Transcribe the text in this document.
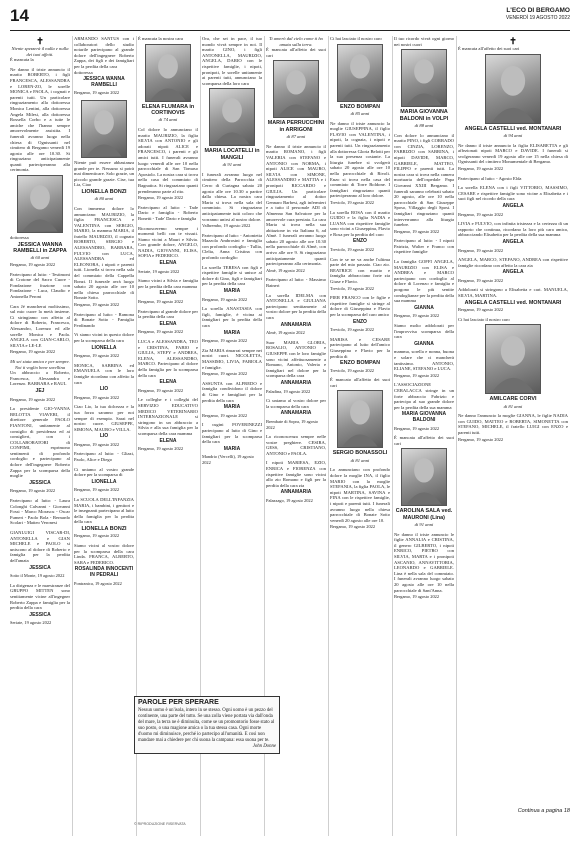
14	L'ECO DI BERGAMO
VENERDÌ 19 AGOSTO 2022
✝
Niente spezzerà il nulla e nulla dei tuoi affetti.
È mancata la
Ne danno il triste annuncio il marito ROBERTO, i figli FRANCESCA, ALESSANDRA e LOREN-ZO, le sorelle MONICA e PAOLA, i cognati e parenti tutti. Un particolare ringraziamento alla dottoressa Monica Lentini, alla dottoressa Angela Milesi, alla dottoressa Rossella Corbo e a tutte le amiche che l'hanno sempre amorevolmente assistita. I funerali avranno luogo nella chiesa di Ognissanti nel cimitero di Bergamo venerdì 19 agosto alle ore 10.30. Si ringraziano anticipatamente quanti parteciperanno alla cerimonia.
dottoressa
JESSICA WANNA RAMBELLI in ZAPPA
di 60 anni
Bergamo, 19 agosto 2022
Partecipano al lutto: - Testimoni di Crotone del Sacro Cuore - Fondazione frazione con Fondazione - Luca, Claudio e Antonella Peroni
Cara Jé mancherai moltissimo, sul mio cuore la metà insieme. Ci stringiamo con affetto al dolore di Roberto, Francesca, Alessandro, Lorenzo ed alle sorelle Monica e Paola. ANGELA con GIAN-CARLO, SILVIA e LE-LE
Bergamo, 19 agosto 2022
Mi sei stata amica e per sempre. Noi ti voglio bene sorellina
Un abbraccio a Roberto, Francesca, Alessandra e Lorenzo. BARBARA e RAUL
JEJ
Bergamo, 19 agosto 2022
La presidente GIO-VANNA BELOTTA VIAVERI, il direttore generale PAOLO FIANTONI, unitamente al consiglio di presidenza ed ai consiglieri, con i COLLABORATORI di CONFIMI, esprimono sentimenti di profondo cordoglio e partecipano al dolore dell'ingegnere Roberto Zappa per la scomparsa della moglie
JESSICA
Bergamo, 19 agosto 2022
Partecipano al lutto: - Laura Colonghi Calvanni - Giovanni Fossi - Marco Morascu - Oscar Fumeri - Paolo Bola - Bernardo Scolari - Matteo Veronesi
GIANLUIGI VISCAR-DI, ANTONELLA e GIAN MICHELE e PAOLO si uniscono al dolore di Roberto e famiglia per la perdita dell'amata
JESSICA
Sotto il Monte, 19 agosto 2022
La dirigenza e le maestranze del GRUPPO MITTEN sono sentitamente vicine all'ingegner Roberto Zappa e famiglia per la perdita della cara
JESSICA
Seriate, 19 agosto 2022
ARMANDO SANTUS con i collaboratori dello studio notarile partecipano al grande dolore dell'ingegnere Roberto Zappa, dei figli e dei famigliari per la perdita della cara
dottoressa
JESSICA WANNA RAMBELLI
Bergamo, 19 agosto 2022
Niente può essere abbastanza grande per te. Nessuno si potrà mai dimenticare. Solo grazie, un piccolo grande grazie. Cise, tua Lia, Ciao
LIONELLA BONZI
di 80 anni
Con immenso dolore lo annunciano: MAURIZIO, la figlia FRANCESCA e VALENTINA con SERGIO, MARIO, la mamma MARIA, il fratello MAURIZIO, il cognato ROBERTO, SERGIO e ALESSANDRO, BARBARA, FULVIO con LUCA, ALESSANDRA ed ELEONORA, i nipoti e parenti tutti. Lionella si trova nella sala del commiato della Cappella Bonzi. Il funerale avrà luogo sabato 20 agosto alle ore 10 nella chiesa parrocchiale di Bonate Sotto.
Bergamo, 19 agosto 2022
Partecipano al lutto: - Ramona di Bonate Sotto - Famiglia Ferdinando
Vi siamo vicini in questo dolore per la scomparsa della cara
LIONELLA
Bergamo, 19 agosto 2022
MONICA, SABRINA ed EMANUELA con le loro famiglie ricordano con affetto la cara
LIO
Bergamo, 19 agosto 2022
Ciao Lio, la tua dolcezza e la tua forza saranno per noi sempre di esempio. Sarai nel nostro cuore. GIUSEPPE, SIMONA, MAURO e VILLA.
LIO
Bergamo, 19 agosto 2022
Partecipano al lutto: - Gliazi, Paolo, Alice e Diego
Ci uniamo al vostro grande dolore per la scomparsa di
LIONELLA
Bergamo, 19 agosto 2022
La SCUOLA DELL'INFANZIA MARIA, i bambini, i genitori e le insegnanti partecipano al lutto della famiglia per la perdita della cara
LIONELLA BONZI
Bergamo, 19 agosto 2022
Siamo vicini al vostro dolore per la scomparsa della cara Linda. FRANCA, ALBERTO, SARA e FEDERICO.
ROSALINDA INNOCENTI IN PEDRALI
Pontranica, 19 agosto 2022
È mancata la nostra cara
ELENA FLUMARA in CORTINOVIS
di 74 anni
Col dolore lo annunciano il marito MAURIZIO, la figlia SILVIA con ANTONIO e gli adorati nipoti ALICE e FRANCESCO, i parenti e gli amici tutti. I funerali avranno luogo venerdì alle ore 10 nella parrocchiale di San Tomaso Apostolo. La nostra cara si trova nella casa del commiato di Bagnatica. Si ringraziano quanti prenderanno parte al rito.
Bergamo, 19 agosto 2022
Partecipano al lutto: - Tade Dario e famiglia - Roberto Bonetti - Tade' Dario e famiglia
Riconosceremo sempre i momenti belli con te vissuti. Siamo vicini a Mauri e Silvia. Con grande dolore, ANGELO, NADIA, GIOVANNI, ELISA, SOFIA e FEDERICO.
ELENA
Seriate, 19 agosto 2022
Siamo vicini a Silvia e famiglia per la perdita della cara mamma
ELENA
Bergamo, 19 agosto 2022
Partecipano al grande dolore per la perdita della cara
ELENA
Bergamo, 19 agosto 2022
LUCA e ALESSANDRA, TEO e CRISTINA, FABIO e GIULIA, STEFY e ANDREA, ELENA, ALESSANDRO, MARCO. Partecipano al dolore della famiglia per la scomparsa della cara
ELENA
Bergamo, 19 agosto 2022
Le colleghe e i colleghi del SERVIZIO EDUCATIVO MEDICO VETERINARIO INTERNAZIONALE si stringono in un abbraccio a Silvia e alla sua famiglia per la scomparsa della cara mamma
ELENA
Bergamo, 19 agosto 2022
Ora, che sei in pace, il tuo mondo vivrà sempre in noi. Il marito GINO, i figli ANTONELLA, MAURIZIO, ANGELA, DARIO con le rispettive famiglie, i nipoti, pronipoti, le sorelle unitamente ai parenti tutti, annunciano la scomparsa della loro cara
MARIA LOCATELLI in MANGILI
di 91 anni
I funerali avranno luogo nel cimitero della Parrocchia di Cerro di Curtagna sabato 20 agosto alle ore 10.30 a partire dalla chiesa. La nostra cara Maria si trova nella sala del commiato. Si ringraziano anticipatamente tutti coloro che vorranno unirsi al nostro dolore.
Valbrembo, 19 agosto 2022
Partecipano al lutto: - Antonietta Mazzola Ambrosini e famiglia con profondo cordoglio - Tullia, Clelia, Anna Cristina con profondo cordoglio
La sorella TERESA con figli e rispettive famiglie si unisce al dolore di Gino, figli e famigliari per la perdita della cara
MARIA
Bergamo, 19 agosto 2022
La sorella ANASTASIA con figli, famiglie, è vicina ai famigliari per la perdita della cara
MARIA
Bergamo, 19 agosto 2022
Zia MARIA rimarrai sempre nei nostri cuori. NICOLETTA, MASSIMO, LIVIA, FABIOLA e famiglie.
Bergamo, 19 agosto 2022
ASSUNTA con ALFREDO e famiglia condividono il dolore di Gino e famigliari per la perdita della cara
MARIA
Bergamo, 19 agosto 2022
I cugini POVERINEZZI partecipano al lutto di Gino e famigliari per la scomparsa della cara
MARIA
Mandrio (Vercelli), 19 agosto 2022
Ti amerò dal cielo come ti ho amata sulla terra.
È mancata all'affetto dei suoi cari
MARIA PERRUCCHINI in ARRIGONI
di 87 anni
Ne danno il triste annuncio il marito ROMANO, i figli VALERIA con STEFANO e ANTONIO con NORMA, i nipoti ALICE con MAURO, SILVIA con SIMONE, ALESSANDRO e MATTIA e i pronipoti RICCARDO e GIULIA. Un particolare ringraziamento al dottor Gennaro Barbesi, agli infermieri e a tutto il personale ADI di Almenno San Salvatore per la amorevole cura prestata. La cara Maria si trova nella sua abitazione in via Italiana 6, ad Almè. I funerali avranno luogo sabato 20 agosto alle ore 10.30 nella parrocchiale di Almè, con arrivo alle ore 9. Si ringraziano anticipatamente quanti parteciperanno alla cerimonia.
Almè, 19 agosto 2022
Partecipano al lutto: - Massimo Baineri
La sorella IDELMA con ANTONELLA e GIULIANA partecipano sentitamente al vostro dolore per la perdita della cara
ANNAMARIA
Almè, 19 agosto 2022
Suor MARIA GLORIA, ROSALIO, ANTONIO e GIUSEPPE con le loro famiglie sono vicini affettuosamente a Romano, Antonio, Valeria e famigliari nel dolore per la scomparsa della cara
ANNAMARIA
Paladina, 19 agosto 2022
Ci uniamo al vostro dolore per la scomparsa della cara
ANNAMARIA
Brembate di Sopra, 19 agosto 2022
La riconoscenza sempre nelle vostre preghiere. CESIRA, GESS, CRISTIANO, ANTONIO e PAOLA.
I nipoti MARIESA, EZIO, ENRICA e FIORENZA con rispettive famiglie sono vicini allo zio Romano e figli per la perdita della cara zia
ANNAMARIA
Palazzago, 19 agosto 2022
Ci hai lasciato il nostro caro
ENZO BOMPAN
di 85 anni
Ne danno il triste annuncio la moglie GIUSEPPINA, il figlio FLAVIO con VALENTINA, i nipoti, la cognata, i nipoti e parenti tutti. Un ringraziamento alla dottoressa Gloria Belotti per la sua presenza costante. La liturgia funebre si svolgerà sabato 20 agosto alle ore 10 nella parrocchiale di Rivoli. Enzo si trova nella casa del commiato di Torre Boldone. I famigliari ringraziano quanti parteciperanno al loro dolore.
Treviolo, 19 agosto 2022
La sorella ROSA con il marito GUIDO e la figlia NADIA e LUANA con rispettive famiglie sono vicini a Giuseppina, Flavio e Rosa per la perdita del caro
ENZO
Treviolo, 19 agosto 2022
Con te se ne va anche l'ultima parte del mio passato. Ciao zio. BEATRICE con marito e famiglia abbracciano forte zia Giuse e Flavio.
Treviolo, 19 agosto 2022
PIER FRANCO con le figlie e rispettive famiglie si stringe al dolore di Giuseppina e Flavio per la scomparsa del caro amico
ENZO
Treviolo, 19 agosto 2022
MARISA e CESARE partecipano al lutto dell'amico Giuseppina e Flavio per la perdita di
ENZO BOMPAN
Treviolo, 19 agosto 2022
È mancato all'affetto dei suoi cari
SERGIO BONASSOLI
di 81 anni
Lo annunciano con profondo dolore la moglie INA, il figlio MARIO con la moglie STEFANIA, la figlia PAOLA, le nipoti MARTINA, SAVINA e FINA con le rispettive famiglie, i nipoti e parenti tutti. I funerali avranno luogo nella chiesa parrocchiale di Bonate Sotto venerdì 20 agosto alle ore 10.
Bergamo, 19 agosto 2022
Il tuo ricordo vivrà ogni giorno nei nostri cuori
MARIA GIOVANNA BALDONI in VOLPI
di 88 anni
Con dolore lo annunciano il marito PINO, i figli CORRADO con CINZIA, LORENZO, FABRIZIO con SABRINA, i nipoti DAVIDE, MARCO, GABRIELE, MATTEO, FILIPPO e parenti tutti. La nostra cara si trova nella camera mortuaria dell'ospedale Papa Giovanni XXIII Bergamo. I funerali saranno celebrati sabato 20 agosto, alle ore 10 nella parrocchiale di San Giuseppe Sposo, Villaggio degli Sposi. I famigliari ringraziano quanti interverranno alla liturgia funebre.
Bergamo, 19 agosto 2022
Partecipano al lutto: - I nipoti Patrizia, Walter e Franco con rispettive famiglie
La famiglia GOFFI ANGELA, MAURIZIO con ELISA e ANDREA e MARCO partecipano con cordoglio al dolore di Lorenzo e famiglia e porgono le più sentite condoglianze per la perdita della sua mamma
GIANNA
Bergamo, 19 agosto 2022
Siamo molto addolorati per l'improvvisa scomparsa della cara
GIANNA
mamma, sorella e nonna, buona e solare che ci mancherà tantissimo. ANTONIO, ELIANE, STEFANO e LUCA.
Bergamo, 19 agosto 2022
L'ASSOCIAZIONE CERALACCA stringe in un forte abbraccio Fabrizio e partecipa al suo grande dolore per la perdita della sua mamma
MARIA GIOVANNA BALDONI
Bergamo, 19 agosto 2022
È mancata all'affetto dei suoi cari
CAROLINA SALA ved. MAURONI (Lina)
di 91 anni
Ne danno il triste annuncio le figlie ANNALIA e CRISTINA, il genero GILBERTO, i nipoti ENRICO, PIETRO con SILVIA, MARTA e i pronipoti ASCANIO, ANNAVITTORIA, LEONARDO e GABRIELE. Lina è nella sala del commiato. I funerali avranno luogo sabato 20 agosto alle ore 10 nella parrocchiale di Sant'Anna.
Bergamo, 19 agosto 2022
✝
È mancata all'affetto dei suoi cari
ANGELA CASTELLI ved. MONTANARI
di 94 anni
Ne danno il triste annuncio la figlia ELISABETTA e gli affezionati nipoti MARCO e DAVIDE. I funerali si svolgeranno venerdì 19 agosto alle ore 15 nella chiesa di Ognissanti del cimitero Monumentale di Bergamo.
Bergamo, 19 agosto 2022
Partecipano al lutto: - Agosto Elda
La sorella ELENA con i figli VITTORIO, MASSIMO, CESARE e rispettive famiglie sono vicine a Elisabetta e i suoi figli nel ricordo della cara
ANGELA
Bergamo, 19 agosto 2022
LIVIA e FULVIO, con infinita tristezza e la certezza di un rapporto che continua, ricordano la loro più cara amica, abbracciando Elisabetta per la perdita della sua mamma
ANGELA
Bergamo, 19 agosto 2022
ANGELA, MARCO, STEFANO, ANDREA con rispettive famiglie ricordano con affetto la cara zia
ANGELA
Bergamo, 19 agosto 2022
Addolorati si stringono a Elisabetta e cari. MANUELA, SILVIA, MARTINA.
ANGELA CASTELLI ved. MONTANARI
Bergamo, 19 agosto 2022
Ci hai lasciato il nostro caro
AMILCARE CORVI
di 81 anni
Ne danno l'annuncio la moglie GIANNA, le figlie NADIA con GUIDO, MATTEO e ROBERTA, SIMONETTA con STEFANO, MICHELE, il fratello LUIGI con ENZO e parenti tutti.
Bergamo, 19 agosto 2022
PAROLE PER SPERARE
Nessun uomo è un'isola, intero in se stesso. Ogni uomo è un pezzo del continente, una parte del tutto. Se una zolla viene portata via dall'onda del mare, la terra ne è diminuita, come se un promontorio fosse stato al suo posto, o una magione amica o la tua stessa casa. Ogni morte d'uomo mi diminuisce, perché io partecipo all'umanità. E così non mandare mai a chiedere per chi suona la campana: essa suona per te.
John Donne
Continua a pagina 18
© RIPRODUZIONE RISERVATA
